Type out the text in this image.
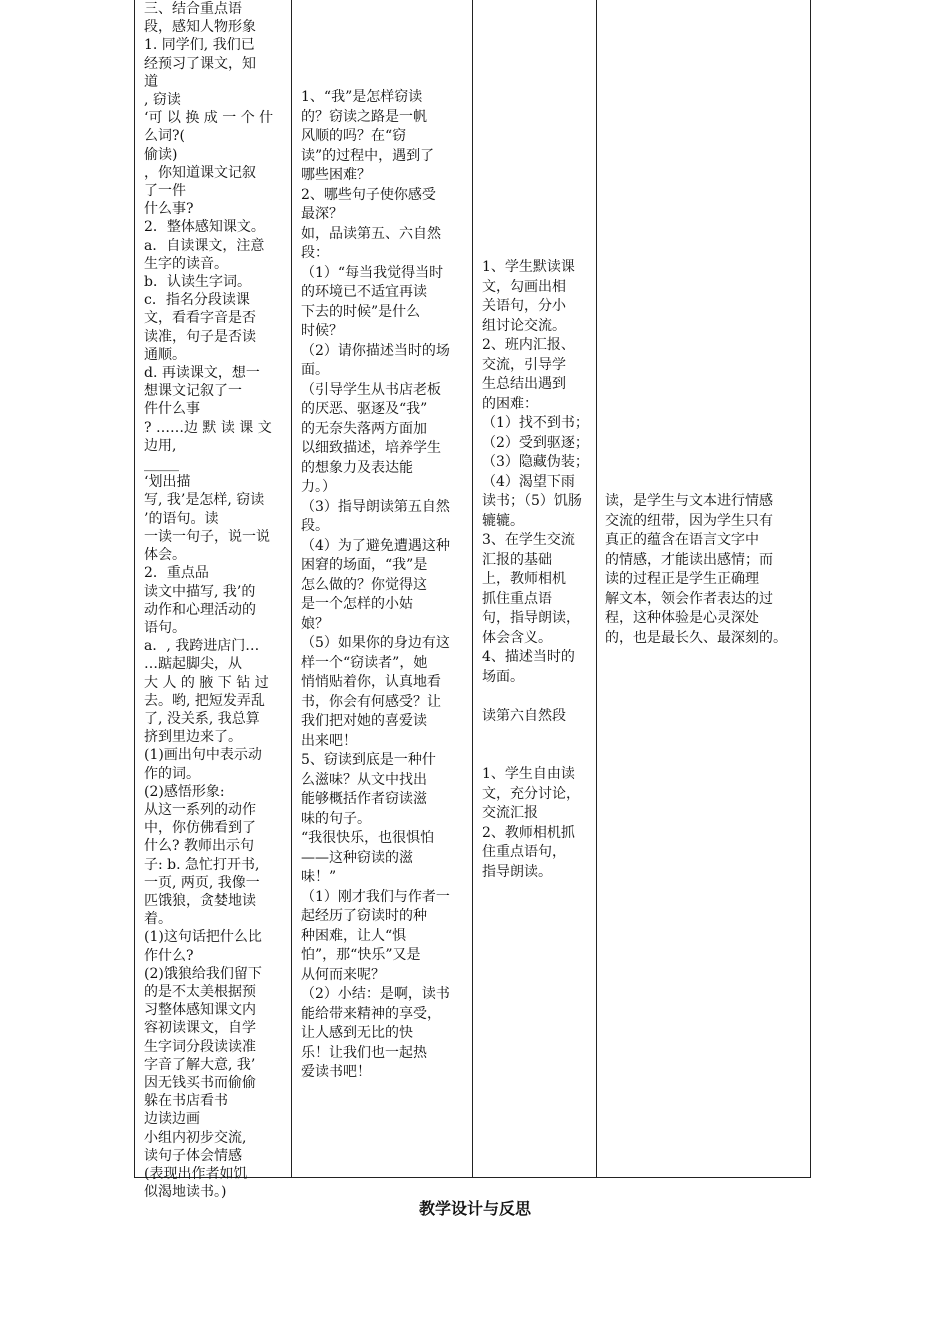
三、结合重点语
段，感知人物形象
1. 同学们, 我们已
经预习了课文，知
道
, 窃读
‘可 以 换 成 一 个 什
么词?(
偷读)
，你知道课文记叙
了一件
什么事?
2．整体感知课文。
a．自读课文，注意
生字的读音。
b．认读生字词。
c．指名分段读课
文，看看字音是否
读准，句子是否读
通顺。
d. 再读课文，想一
想课文记叙了一
件什么事
? ……边 默 读 课 文
边用,
_____
‘划出描
写, 我’是怎样, 窃读
’的语句。读
一读一句子，说一说
体会。
2．重点品
读文中描写, 我’的
动作和心理活动的
语句。
a．, 我跨进店门…
…踮起脚尖，从
大 人 的 腋 下 钻 过
去。哟, 把短发弄乱
了, 没关系, 我总算
挤到里边来了。
(1)画出句中表示动
作的词。
(2)感悟形象:
从这一系列的动作
中，你仿佛看到了
什么? 教师出示句
子: b. 急忙打开书,
一页, 两页, 我像一
匹饿狼，贪婪地读
着。
(1)这句话把什么比
作什么?
(2)饿狼给我们留下
的是不太美根据预
习整体感知课文内
容初读课文，自学
生字词分段读读准
字音了解大意, 我’
因无钱买书而偷偷
躲在书店看书
边读边画
小组内初步交流,
读句子体会情感
(表现出作者如饥
似渴地读书。)
1、“我”是怎样窃读
的？窃读之路是一帆
风顺的吗？在“窃
读”的过程中，遇到了
哪些困难？
2、哪些句子使你感受
最深？
如，品读第五、六自然
段：
（1）“每当我觉得当时
的环境已不适宜再读
下去的时候”是什么
时候？
（2）请你描述当时的场
面。
（引导学生从书店老板
的厌恶、驱逐及“我”
的无奈失落两方面加
以细致描述，培养学生
的想象力及表达能
力。）
（3）指导朗读第五自然
段。
（4）为了避免遭遇这种
困窘的场面，“我”是
怎么做的？你觉得这
是一个怎样的小姑
娘？
（5）如果你的身边有这
样一个“窃读者”，她
悄悄贴着你，认真地看
书，你会有何感受？让
我们把对她的喜爱读
出来吧！
5、窃读到底是一种什
么滋味？从文中找出
能够概括作者窃读滋
味的句子。
“我很快乐，也很惧怕
——这种窃读的滋
味！”
（1）刚才我们与作者一
起经历了窃读时的种
种困难，让人“惧
怕”，那“快乐”又是
从何而来呢？
（2）小结：是啊，读书
能给带来精神的享受，
让人感到无比的快
乐！让我们也一起热
爱读书吧！
1、学生默读课
文，勾画出相
关语句，分小
组讨论交流。
2、班内汇报、
交流，引导学
生总结出遇到
的困难：
（1）找不到书；
（2）受到驱逐；
（3）隐藏伪装；
（4）渴望下雨
读书；（5）饥肠
辘辘。
3、在学生交流
汇报的基础
上，教师相机
抓住重点语
句，指导朗读，
体会含义。
4、描述当时的
场面。

读第六自然段

1、学生自由读
文，充分讨论，
交流汇报
2、教师相机抓
住重点语句，
指导朗读。
读，是学生与文本进行情感
交流的纽带，因为学生只有
真正的蕴含在语言文字中
的情感，才能读出感情；而
读的过程正是学生正确理
解文本，领会作者表达的过
程，这种体验是心灵深处
的，也是最长久、最深刻的。
教学设计与反思
